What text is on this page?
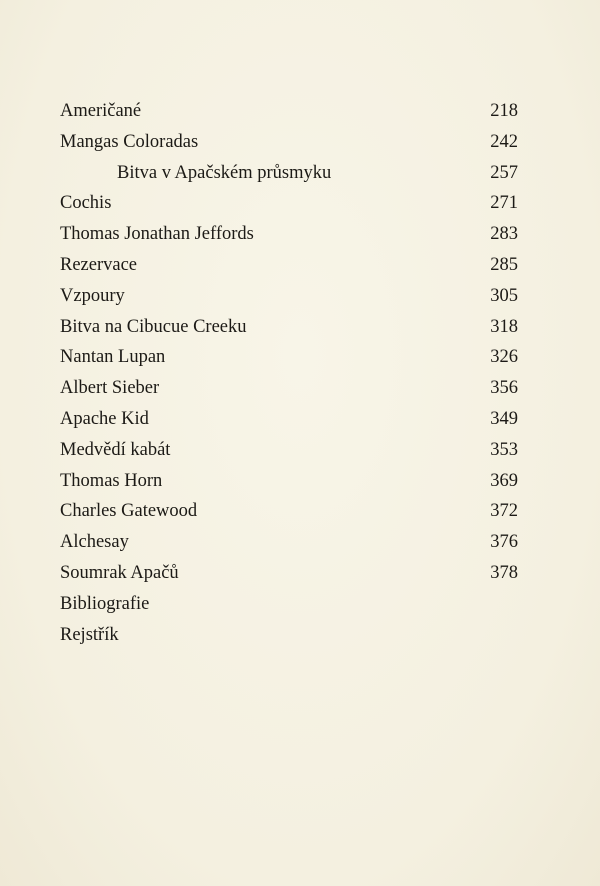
Američané	218
Mangas Coloradas	242
Bitva v Apačském průsmyku	257
Cochis	271
Thomas Jonathan Jeffords	283
Rezervace	285
Vzpoury	305
Bitva na Cibucue Creeku	318
Nantan Lupan	326
Albert Sieber	356
Apache Kid	349
Medvědí kabát	353
Thomas Horn	369
Charles Gatewood	372
Alchesay	376
Soumrak Apačů	378
Bibliografie
Rejstřík
